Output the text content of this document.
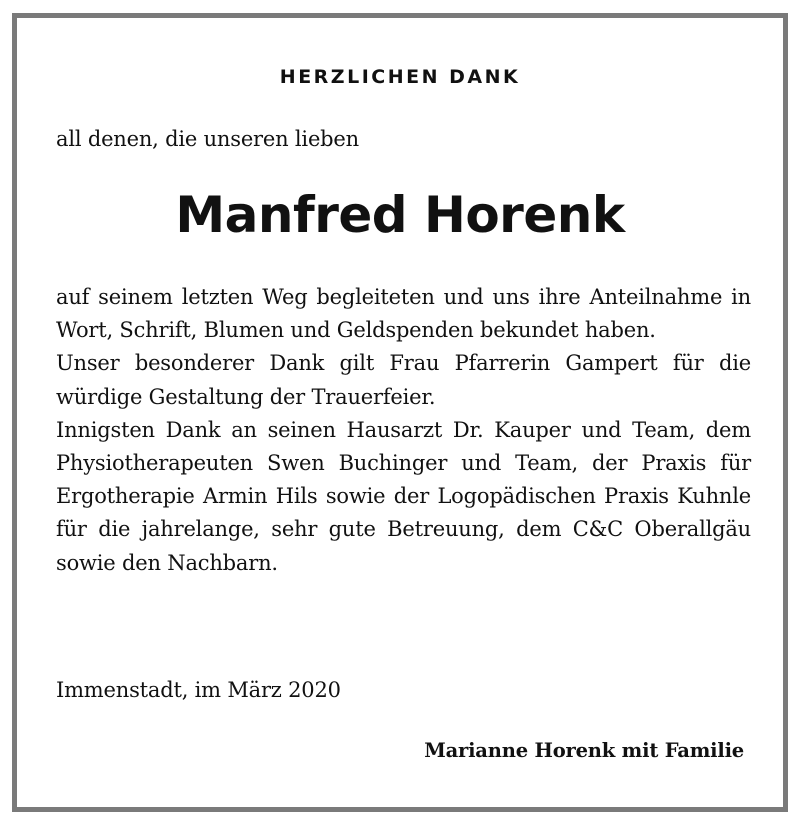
HERZLICHEN DANK
all denen, die unseren lieben
Manfred Horenk

auf seinem letzten Weg begleiteten und uns ihre Anteilnahme in Wort, Schrift, Blumen und Geldspenden bekundet haben.

Unser besonderer Dank gilt Frau Pfarrerin Gampert für die würdige Gestaltung der Trauerfeier.

Innigsten Dank an seinen Hausarzt Dr. Kauper und Team, dem Physiotherapeuten Swen Buchinger und Team, der Praxis für Ergotherapie Armin Hils sowie der Logopädischen Praxis Kuhnle für die jahrelange, sehr gute Betreuung, dem C&C Oberallgäu sowie den Nachbarn.

Immenstadt, im März 2020
Marianne Horenk mit Familie
